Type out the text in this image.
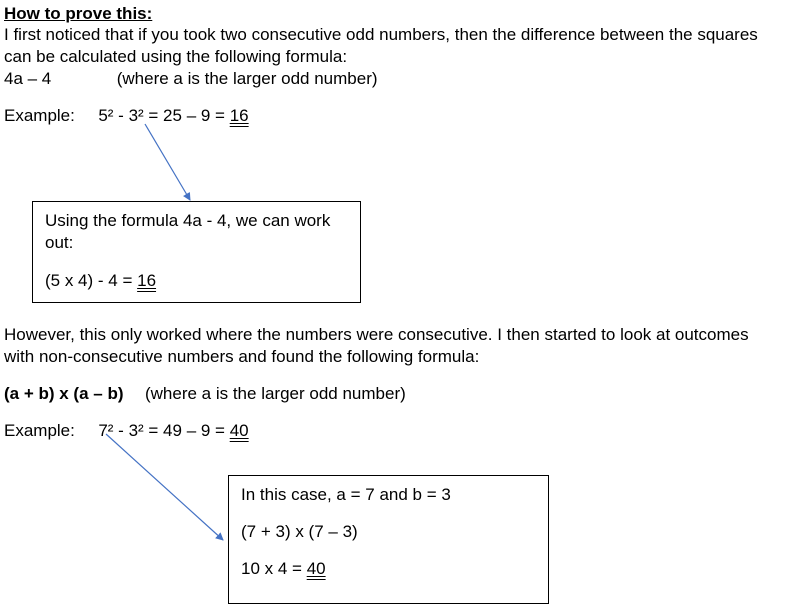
How to prove this:
I first noticed that if you took two consecutive odd numbers, then the difference between the squares
can be calculated using the following formula:
4a – 4	(where a is the larger odd number)
Example: 5² - 3² = 25 – 9 = 16
Using the formula 4a - 4, we can work
out:
(5 x 4) - 4 = 16
However, this only worked where the numbers were consecutive. I then started to look at outcomes
with non-consecutive numbers and found the following formula:
(a + b) x (a – b) (where a is the larger odd number)
Example: 7² - 3² = 49 – 9 = 40
In this case, a = 7 and b = 3
(7 + 3) x (7 – 3)
10 x 4 = 40
